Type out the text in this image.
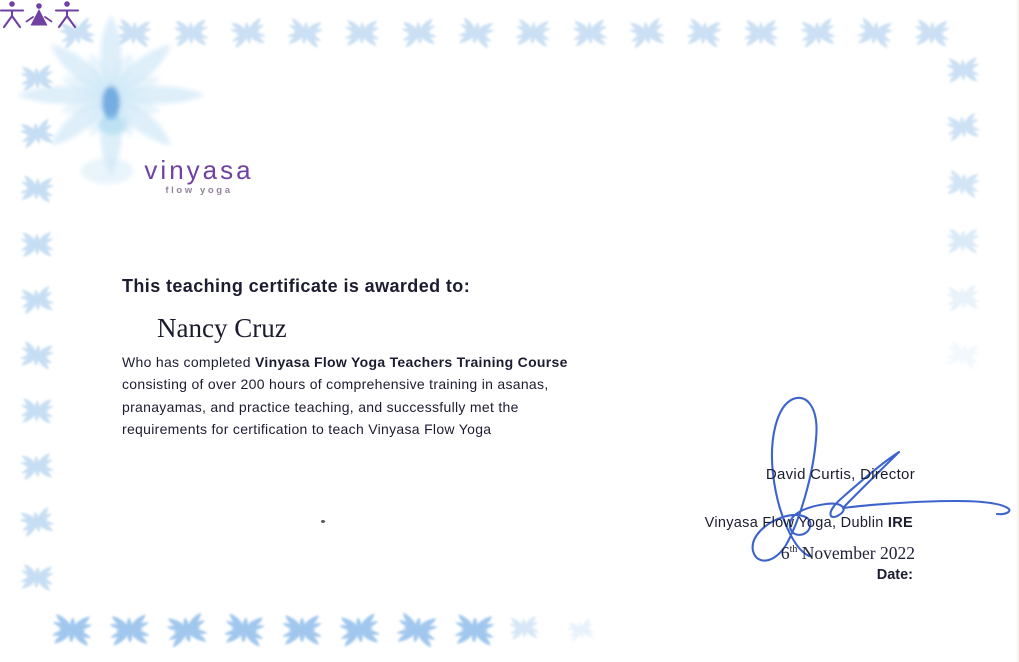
vinyasa
flow yoga
This teaching certificate is awarded to:
Nancy Cruz
Who has completed Vinyasa Flow Yoga Teachers Training Course
consisting of over 200 hours of comprehensive training in asanas,
pranayamas, and practice teaching, and successfully met the
requirements for certification to teach Vinyasa Flow Yoga
David Curtis, Director
Vinyasa Flow Yoga, Dublin IRE
6th November 2022
Date:
